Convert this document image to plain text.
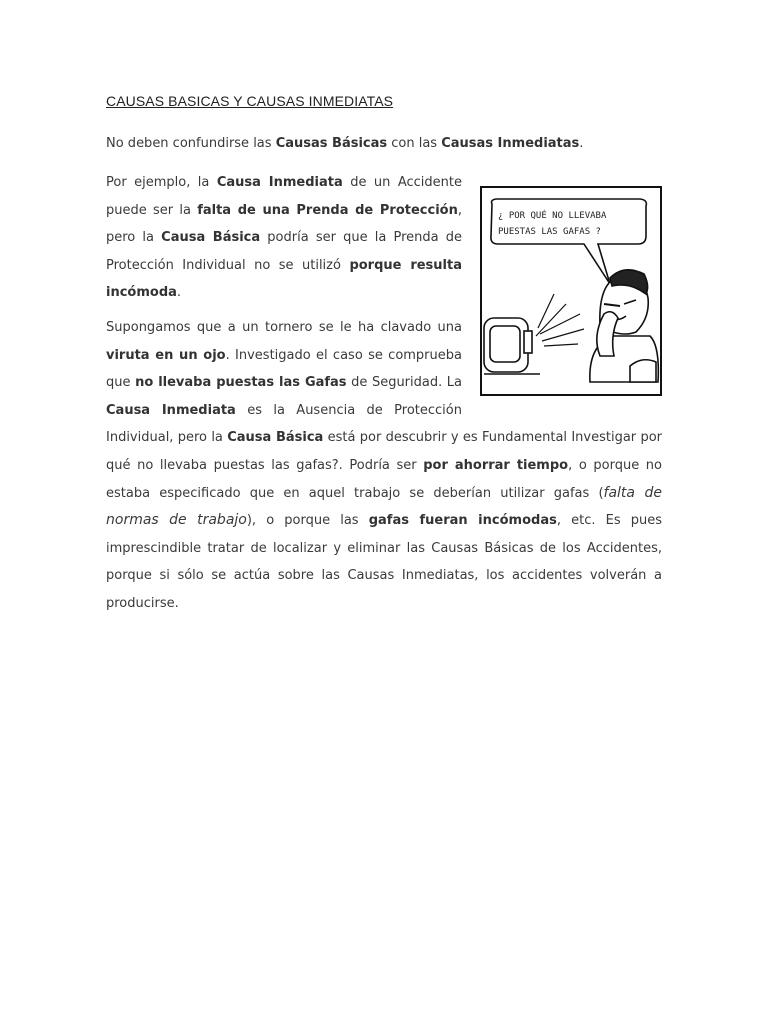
CAUSAS BASICAS Y CAUSAS INMEDIATAS

No deben confundirse las Causas Básicas con las Causas Inmediatas.

¿ POR QUÉ NO LLEVABA
PUESTAS LAS GAFAS ?

Por ejemplo, la Causa Inmediata de un Accidente puede ser la falta de una Prenda de Protección, pero la Causa Básica podría ser que la Prenda de Protección Individual no se utilizó porque resulta incómoda.

Supongamos que a un tornero se le ha clavado una viruta en un ojo. Investigado el caso se comprueba que no llevaba puestas las Gafas de Seguridad. La Causa Inmediata es la Ausencia de Protección Individual, pero la Causa Básica está por descubrir y es Fundamental Investigar por qué no llevaba puestas las gafas?. Podría ser por ahorrar tiempo, o porque no estaba especificado que en aquel trabajo se deberían utilizar gafas (falta de normas de trabajo), o porque las gafas fueran incómodas, etc. Es pues imprescindible tratar de localizar y eliminar las Causas Básicas de los Accidentes, porque si sólo se actúa sobre las Causas Inmediatas, los accidentes volverán a producirse.
